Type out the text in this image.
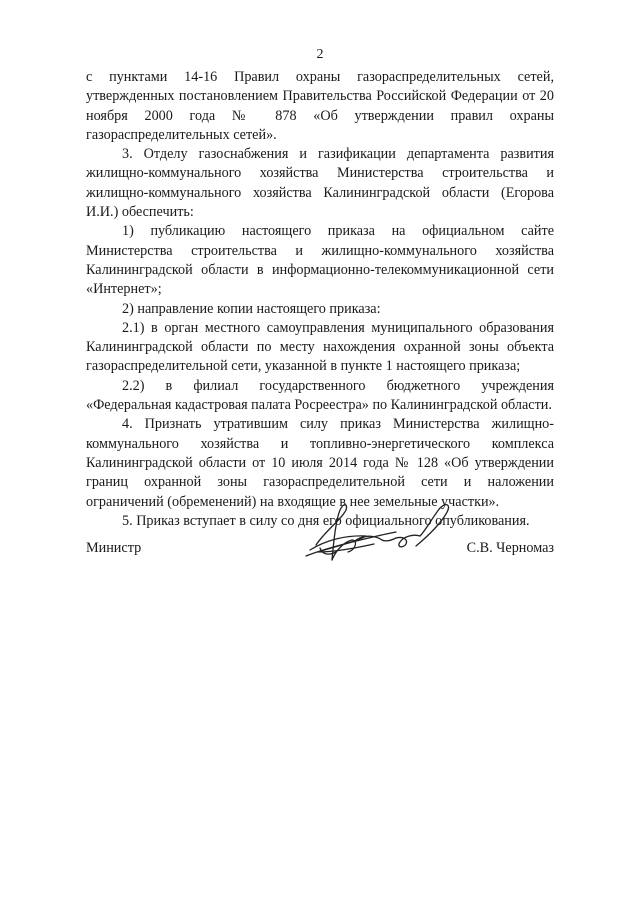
2

с пунктами 14-16 Правил охраны газораспределительных сетей, утвержденных постановлением Правительства Российской Федерации от 20 ноября 2000 года № 878 «Об утверждении правил охраны газораспределительных сетей».

3. Отделу газоснабжения и газификации департамента развития жилищно-коммунального хозяйства Министерства строительства и жилищно-коммунального хозяйства Калининградской области (Егорова И.И.) обеспечить:

1) публикацию настоящего приказа на официальном сайте Министерства строительства и жилищно-коммунального хозяйства Калининградской области в информационно-телекоммуникационной сети «Интернет»;

2) направление копии настоящего приказа:

2.1) в орган местного самоуправления муниципального образования Калининградской области по месту нахождения охранной зоны объекта газораспределительной сети, указанной в пункте 1 настоящего приказа;

2.2) в филиал государственного бюджетного учреждения «Федеральная кадастровая палата Росреестра» по Калининградской области.

4. Признать утратившим силу приказ Министерства жилищно-коммунального хозяйства и топливно-энергетического комплекса Калининградской области от 10 июля 2014 года № 128 «Об утверждении границ охранной зоны газораспределительной сети и наложении ограничений (обременений) на входящие в нее земельные участки».

5. Приказ вступает в силу со дня его официального опубликования.

Министр	С.В. Черномаз
